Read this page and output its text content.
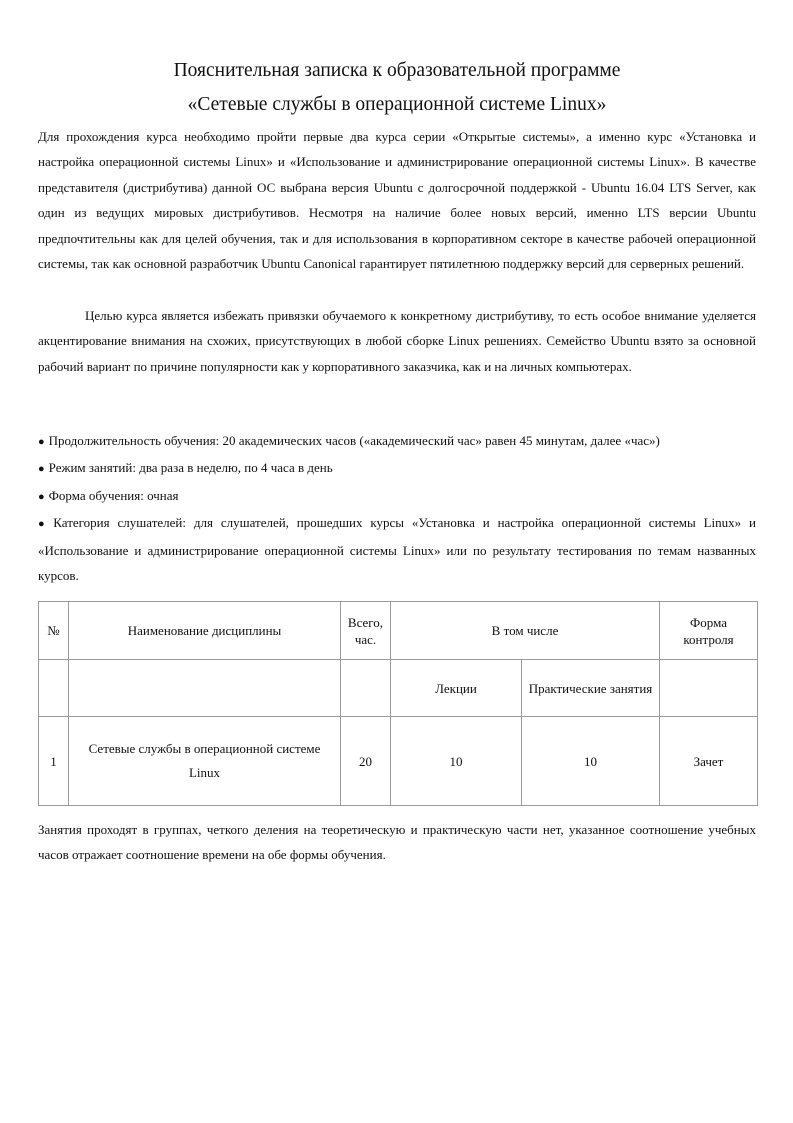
Пояснительная записка к образовательной программе
«Сетевые службы в операционной системе Linux»

Для прохождения курса необходимо пройти первые два курса серии «Открытые системы», а именно курс «Установка и настройка операционной системы Linux» и «Использование и администрирование операционной системы Linux». В качестве представителя (дистрибутива) данной ОС выбрана версия Ubuntu с долгосрочной поддержкой - Ubuntu 16.04 LTS Server, как один из ведущих мировых дистрибутивов. Несмотря на наличие более новых версий, именно LTS версии Ubuntu предпочтительны как для целей обучения, так и для использования в корпоративном секторе в качестве рабочей операционной системы, так как основной разработчик Ubuntu Canonical гарантирует пятилетнюю поддержку версий для серверных решений.

Целью курса является избежать привязки обучаемого к конкретному дистрибутиву, то есть особое внимание уделяется акцентирование внимания на схожих, присутствующих в любой сборке Linux решениях. Семейство Ubuntu взято за основной рабочий вариант по причине популярности как у корпоративного заказчика, как и на личных компьютерах.

● Продолжительность обучения: 20 академических часов («академический час» равен 45 минутам, далее «час»)
● Режим занятий: два раза в неделю, по 4 часа в день
● Форма обучения: очная
● Категория слушателей: для слушателей, прошедших курсы «Установка и настройка операционной системы Linux» и «Использование и администрирование операционной системы Linux» или по результату тестирования по темам названных курсов.
№	Наименование дисциплины	Всего, час.	В том числе		Форма контроля
			Лекции	Практические занятия	
1	Сетевые службы в операционной системе Linux	20	10	10	Зачет

Занятия проходят в группах, четкого деления на теоретическую и практическую части нет, указанное соотношение учебных часов отражает соотношение времени на обе формы обучения.
